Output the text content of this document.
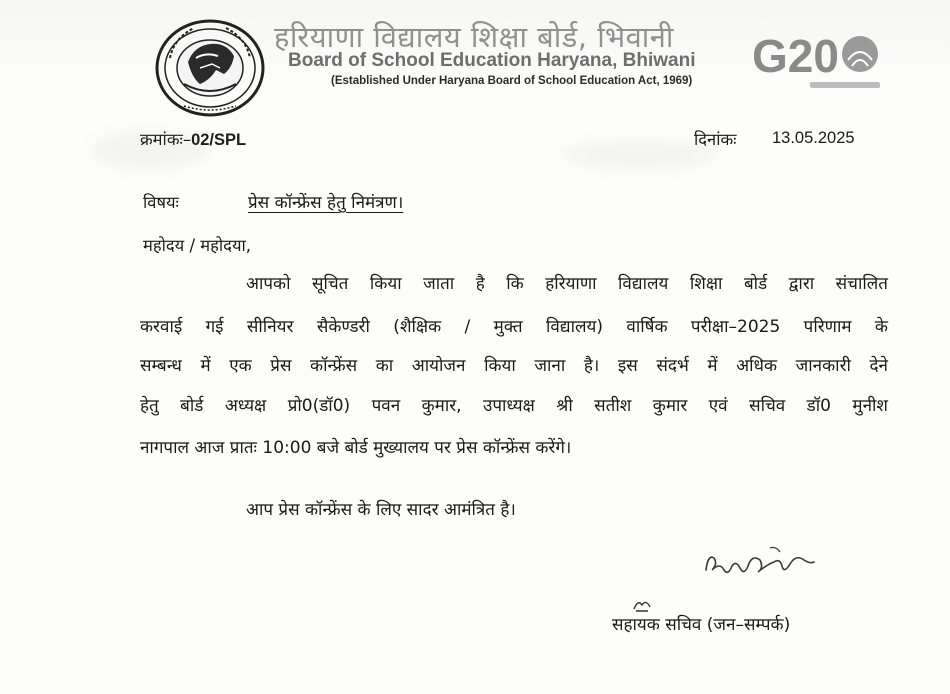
हरियाणा विद्यालय शिक्षा बोर्ड, भिवानी
Board of School Education Haryana, Bhiwani
(Established Under Haryana Board of School Education Act, 1969)	G20
क्रमांकः–02/SPL	दिनांकः 13.05.2025
विषयः	प्रेस कॉन्फ्रेंस हेतु निमंत्रण।
महोदय / महोदया,
आपको सूचित किया जाता है कि हरियाणा विद्यालय शिक्षा बोर्ड द्वारा संचालित
करवाई गई सीनियर सैकेण्डरी (शैक्षिक / मुक्त विद्यालय) वार्षिक परीक्षा–2025 परिणाम के
सम्बन्ध में एक प्रेस कॉन्फ्रेंस का आयोजन किया जाना है। इस संदर्भ में अधिक जानकारी देने
हेतु बोर्ड अध्यक्ष प्रो0(डॉ0) पवन कुमार, उपाध्यक्ष श्री सतीश कुमार एवं सचिव डॉ0 मुनीश
नागपाल आज प्रातः 10:00 बजे बोर्ड मुख्यालय पर प्रेस कॉन्फ्रेंस करेंगे।
आप प्रेस कॉन्फ्रेंस के लिए सादर आमंत्रित है।
सहायक सचिव (जन–सम्पर्क)
